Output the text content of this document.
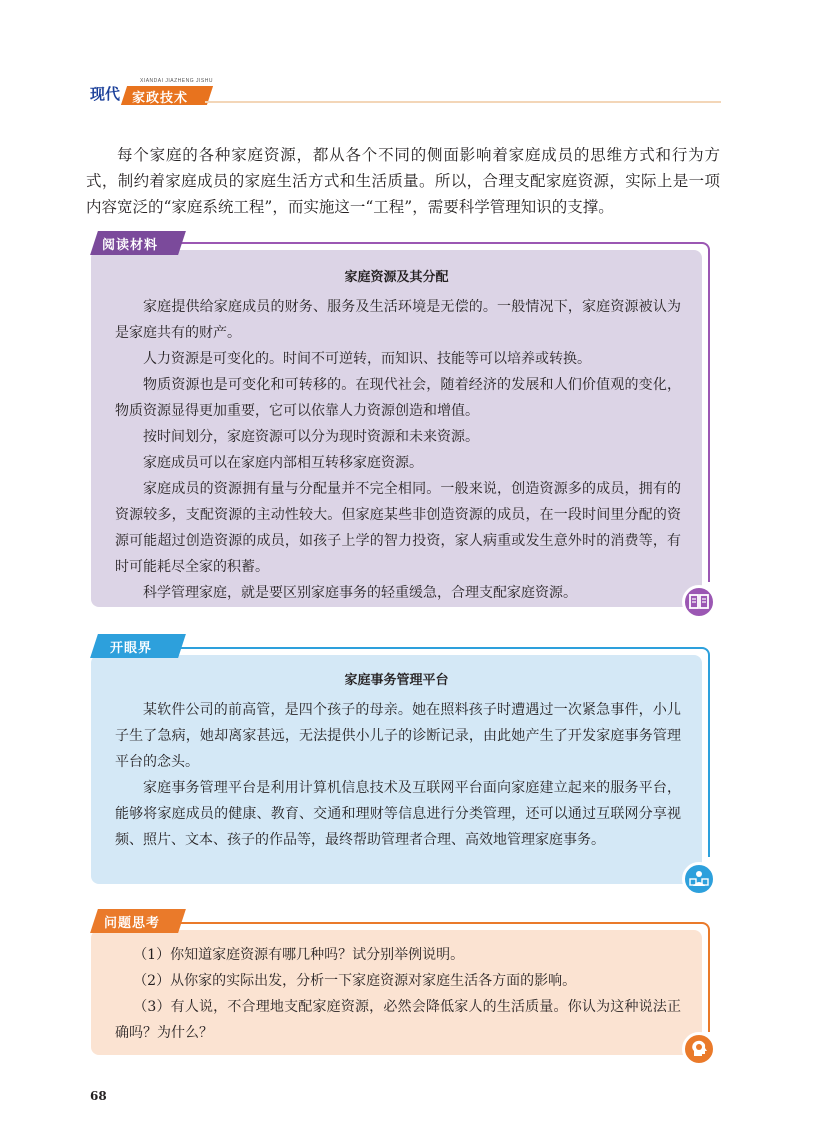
现代
XIANDAI JIAZHENG JISHU
家政技术

每个家庭的各种家庭资源，都从各个不同的侧面影响着家庭成员的思维方式和行为方式，制约着家庭成员的家庭生活方式和生活质量。所以，合理支配家庭资源，实际上是一项内容宽泛的“家庭系统工程”，而实施这一“工程”，需要科学管理知识的支撑。

家庭资源及其分配

家庭提供给家庭成员的财务、服务及生活环境是无偿的。一般情况下，家庭资源被认为是家庭共有的财产。

人力资源是可变化的。时间不可逆转，而知识、技能等可以培养或转换。

物质资源也是可变化和可转移的。在现代社会，随着经济的发展和人们价值观的变化，物质资源显得更加重要，它可以依靠人力资源创造和增值。

按时间划分，家庭资源可以分为现时资源和未来资源。

家庭成员可以在家庭内部相互转移家庭资源。

家庭成员的资源拥有量与分配量并不完全相同。一般来说，创造资源多的成员，拥有的资源较多，支配资源的主动性较大。但家庭某些非创造资源的成员，在一段时间里分配的资源可能超过创造资源的成员，如孩子上学的智力投资，家人病重或发生意外时的消费等，有时可能耗尽全家的积蓄。

科学管理家庭，就是要区别家庭事务的轻重缓急，合理支配家庭资源。

阅读材料
家庭事务管理平台

某软件公司的前高管，是四个孩子的母亲。她在照料孩子时遭遇过一次紧急事件，小儿子生了急病，她却离家甚远，无法提供小儿子的诊断记录，由此她产生了开发家庭事务管理平台的念头。

家庭事务管理平台是利用计算机信息技术及互联网平台面向家庭建立起来的服务平台，能够将家庭成员的健康、教育、交通和理财等信息进行分类管理，还可以通过互联网分享视频、照片、文本、孩子的作品等，最终帮助管理者合理、高效地管理家庭事务。

开眼界

（1）你知道家庭资源有哪几种吗？试分别举例说明。

（2）从你家的实际出发，分析一下家庭资源对家庭生活各方面的影响。

（3）有人说，不合理地支配家庭资源，必然会降低家人的生活质量。你认为这种说法正确吗？为什么？

问题思考
68
